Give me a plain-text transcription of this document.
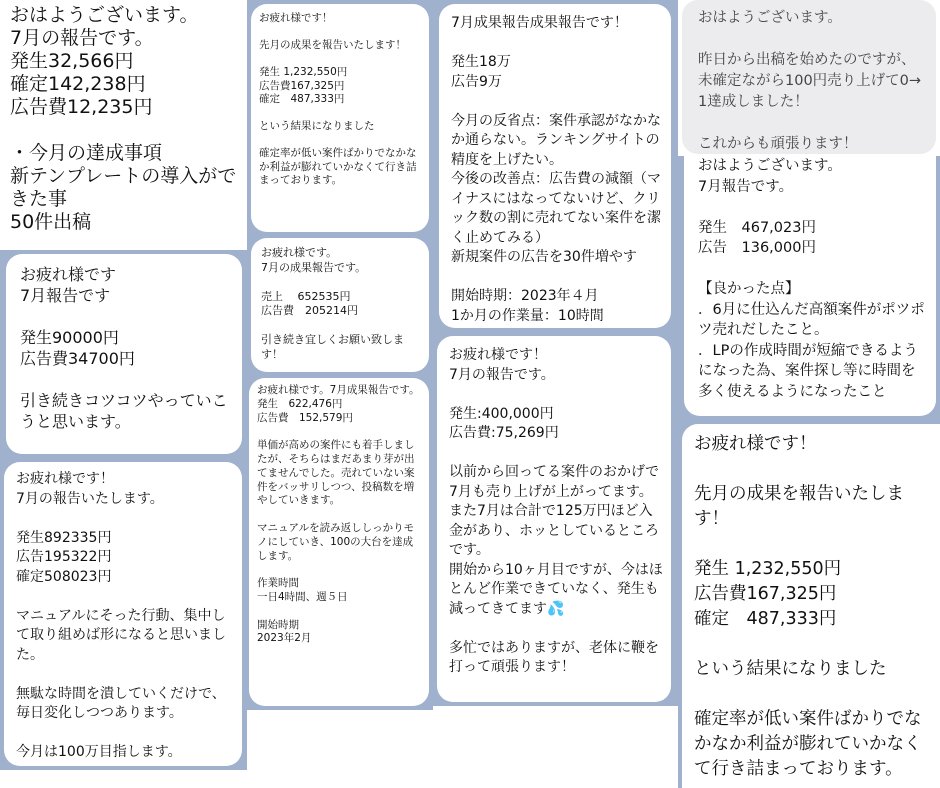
おはようございます。
7月の報告です。
発生32,566円
確定142,238円
広告費12,235円

・今月の達成事項
新テンプレートの導入ができた事
50件出稿
お疲れ様です
7月報告です

発生90000円
広告費34700円

引き続きコツコツやっていこうと思います。
お疲れ様です！
7月の報告いたします。

発生892335円
広告195322円
確定508023円

マニュアルにそった行動、集中して取り組めば形になると思いました。

無駄な時間を潰していくだけで、毎日変化しつつあります。

今月は100万目指します。
お疲れ様です！

先月の成果を報告いたします！

発生 1,232,550円
広告費167,325円
確定　487,333円

という結果になりました

確定率が低い案件ばかりでなかなか利益が膨れていかなくて行き詰まっております。
お疲れ様です。
7月の成果報告です。

売上　 652535円
広告費　205214円

引き続き宜しくお願い致します！
お疲れ様です。7月成果報告です。
発生　622,476円
広告費　152,579円

単価が高めの案件にも着手しましたが、そちらはまだあまり芽が出てませんでした。売れていない案件をバッサリしつつ、投稿数を増やしていきます。

マニュアルを読み返ししっかりモノにしていき、100の大台を達成します。

作業時間
一日4時間、週５日

開始時期
2023年2月
7月成果報告成果報告です！

発生18万
広告9万

今月の反省点：案件承認がなかなか通らない。ランキングサイトの精度を上げたい。
今後の改善点：広告費の減額（マイナスにはなってないけど、クリック数の割に売れてない案件を潔く止めてみる）
新規案件の広告を30件増やす

開始時期：2023年４月
1か月の作業量：10時間
お疲れ様です！
7月の報告です。

発生:400,000円
広告費:75,269円

以前から回ってる案件のおかげで7月も売り上げが上がってます。
また7月は合計で125万円ほど入金があり、ホッとしているところです。
開始から10ヶ月目ですが、今はほとんど作業できていなく、発生も減ってきてます💦

多忙ではありますが、老体に鞭を打って頑張ります！
おはようございます。

昨日から出稿を始めたのですが、未確定ながら100円売り上げて0→1達成しました！

これからも頑張ります！
おはようございます。
7月報告です。

発生　467,023円
広告　136,000円

【良かった点】
．6月に仕込んだ高額案件がポツポツ売れだしたこと。
．LPの作成時間が短縮できるようになった為、案件探し等に時間を多く使えるようになったこと
お疲れ様です！

先月の成果を報告いたします！

発生 1,232,550円
広告費167,325円
確定　487,333円

という結果になりました

確定率が低い案件ばかりでなかなか利益が膨れていかなくて行き詰まっております。
